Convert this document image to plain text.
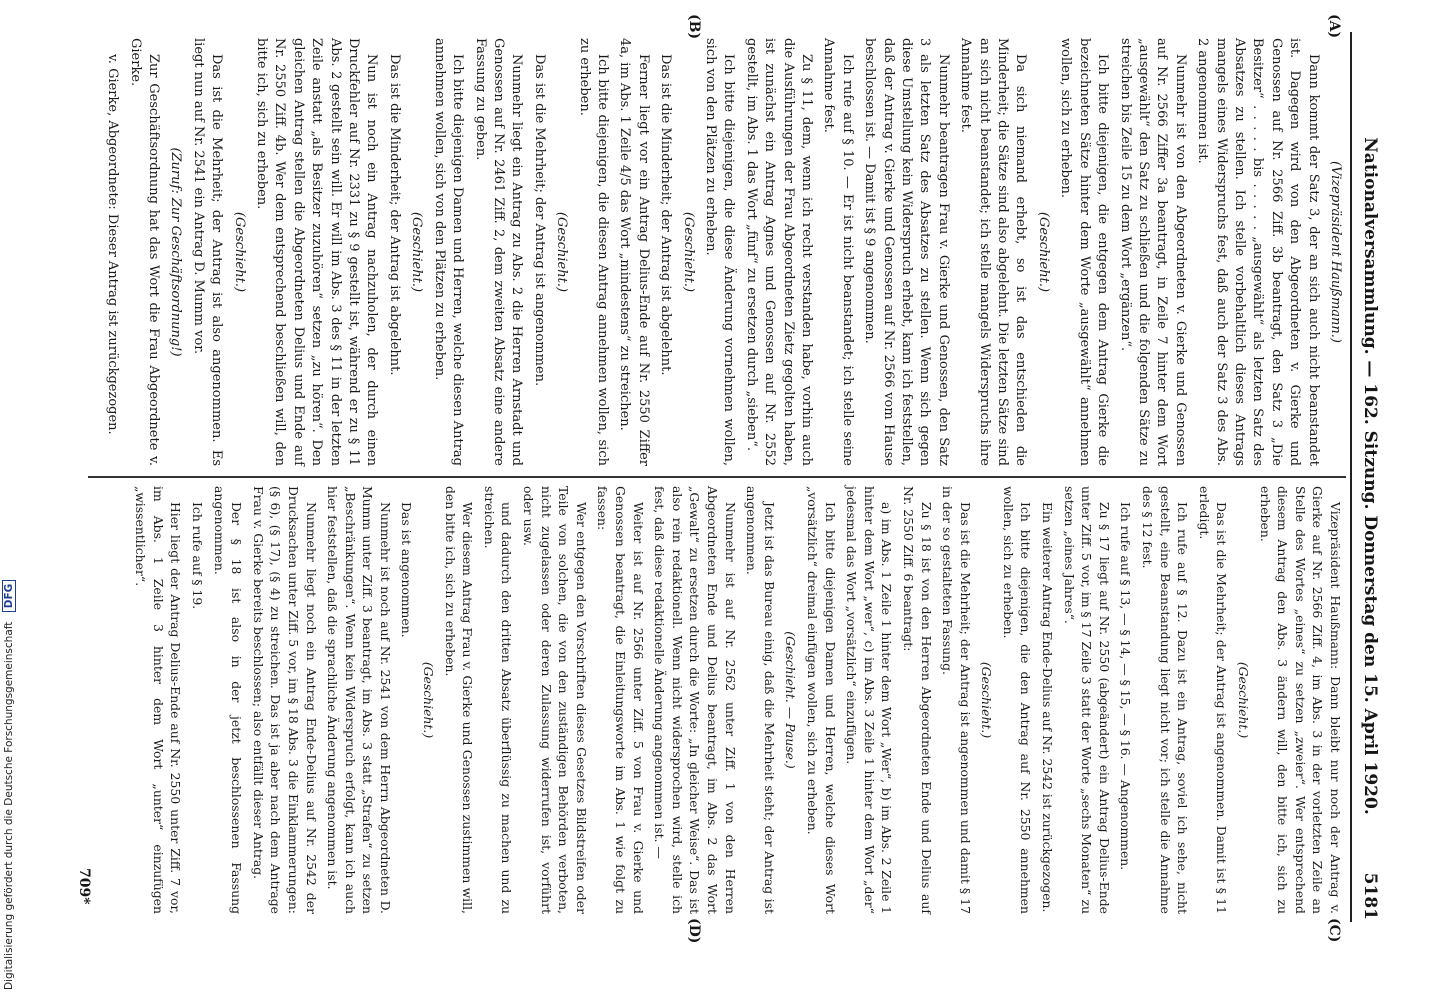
Nationalversammlung. — 162. Sitzung. Donnerstag den 15. April 1920.
5181
(A)
(B)
(C)
(D)

(Vizepräsident Haußmann.)

Dann kommt der Satz 3, der an sich auch nicht beanstandet ist. Dagegen wird von den Abgeordneten v. Gierke und Genossen auf Nr. 2566 Ziff. 3b beantragt, den Satz 3 „Die Besitzer“ . . . . . bis . . . . . „ausgewählt“ als letzten Satz des Absatzes zu stellen. Ich stelle vorbehaltlich dieses Antrags mangels eines Widerspruchs fest, daß auch der Satz 3 des Abs. 2 angenommen ist.

Nunmehr ist von den Abgeordneten v. Gierke und Genossen auf Nr. 2566 Ziffer 3a beantragt, in Zeile 7 hinter dem Wort „ausgewählt“ den Satz zu schließen und die folgenden Sätze zu streichen bis Zeile 15 zu dem Wort „ergänzen“.

Ich bitte diejenigen, die entgegen dem Antrag Gierke die bezeichneten Sätze hinter dem Worte „ausgewählt“ annehmen wollen, sich zu erheben.

(Geschieht.)

Da sich niemand erhebt, so ist das entschieden die Minderheit; die Sätze sind also abgelehnt. Die letzten Sätze sind an sich nicht beanstandet; ich stelle mangels Widerspruchs ihre Annahme fest.

Nunmehr beantragen Frau v. Gierke und Genossen, den Satz 3 als letzten Satz des Absatzes zu stellen. Wenn sich gegen diese Umstellung kein Widerspruch erhebt, kann ich feststellen, daß der Antrag v. Gierke und Genossen auf Nr. 2566 vom Hause beschlossen ist. — Damit ist § 9 angenommen.

Ich rufe auf § 10. — Er ist nicht beanstandet; ich stelle seine Annahme fest.

Zu § 11, dem, wenn ich recht verstanden habe, vorhin auch die Ausführungen der Frau Abgeordneten Zietz gegolten haben, ist zunächst ein Antrag Agnes und Genossen auf Nr. 2552 gestellt, im Abs. 1 das Wort „fünf“ zu ersetzen durch „sieben“.

Ich bitte diejenigen, die diese Änderung vornehmen wollen, sich von den Plätzen zu erheben.

(Geschieht.)

Das ist die Minderheit; der Antrag ist abgelehnt.

Ferner liegt vor ein Antrag Delius-Ende auf Nr. 2550 Ziffer 4a, im Abs. 1 Zeile 4/5 das Wort „mindestens“ zu streichen.

Ich bitte diejenigen, die diesen Antrag annehmen wollen, sich zu erheben.

(Geschieht.)

Das ist die Mehrheit; der Antrag ist angenommen.

Nunmehr liegt ein Antrag zu Abs. 2 die Herren Arnstadt und Genossen auf Nr. 2461 Ziff. 2, dem zweiten Absatz eine andere Fassung zu geben.

Ich bitte diejenigen Damen und Herren, welche diesen Antrag annehmen wollen, sich von den Plätzen zu erheben.

(Geschieht.)

Das ist die Minderheit; der Antrag ist abgelehnt.

Nun ist noch ein Antrag nachzuholen, der durch einen Druckfehler auf Nr. 2331 zu § 9 gestellt ist, während er zu § 11 Abs. 2 gestellt sein will. Er will im Abs. 3 des § 11 in der letzten Zeile anstatt „als Besitzer zuzuhören“ setzen „zu hören“. Den gleichen Antrag stellen die Abgeordneten Delius und Ende auf Nr. 2550 Ziff. 4b. Wer dem entsprechend beschließen will, den bitte ich, sich zu erheben.

(Geschieht.)

Das ist die Mehrheit; der Antrag ist also angenommen. Es liegt nun auf Nr. 2541 ein Antrag D. Mumm vor.

(Zuruf: Zur Geschäftsordnung!)

Zur Geschäftsordnung hat das Wort die Frau Abgeordnete v. Gierke.

v. Gierke, Abgeordnete: Dieser Antrag ist zurückgezogen.

Vizepräsident Haußmann: Dann bleibt nur noch der Antrag v. Gierke auf Nr. 2566 Ziff. 4, im Abs. 3 in der vorletzten Zeile an Stelle des Wortes „eines“ zu setzen „zweier“. Wer entsprechend diesem Antrag den Abs. 3 ändern will, den bitte ich, sich zu erheben.

(Geschieht.)

Das ist die Mehrheit; der Antrag ist angenommen. Damit ist § 11 erledigt.

Ich rufe auf § 12. Dazu ist ein Antrag, soviel ich sehe, nicht gestellt, eine Beanstandung liegt nicht vor; ich stelle die Annahme des § 12 fest.

Ich rufe auf § 13, — § 14, — § 15, — § 16. — Angenommen.

Zu § 17 liegt auf Nr. 2550 (abgeändert) ein Antrag Delius-Ende unter Ziff. 5 vor, im § 17 Zeile 3 statt der Worte „sechs Monaten“ zu setzen „eines Jahres“.

Ein weiterer Antrag Ende-Delius auf Nr. 2542 ist zurückgezogen.

Ich bitte diejenigen, die den Antrag auf Nr. 2550 annehmen wollen, sich zu erheben.

(Geschieht.)

Das ist die Mehrheit; der Antrag ist angenommen und damit § 17 in der so gestalteten Fassung.

Zu § 18 ist von den Herren Abgeordneten Ende und Delius auf Nr. 2550 Ziff. 6 beantragt:

a) im Abs. 1 Zeile 1 hinter dem Wort „Wer“, b) im Abs. 2 Zeile 1 hinter dem Wort „wer“, c) im Abs. 3 Zeile 1 hinter dem Wort „der“ jedesmal das Wort „vorsätzlich“ einzufügen.

Ich bitte diejenigen Damen und Herren, welche dieses Wort „vorsätzlich“ dreimal einfügen wollen, sich zu erheben.

(Geschieht. — Pause.)

Jetzt ist das Bureau einig, daß die Mehrheit steht; der Antrag ist angenommen.

Nunmehr ist auf Nr. 2562 unter Ziff. 1 von den Herren Abgeordneten Ende und Delius beantragt, im Abs. 2 das Wort „Gewalt“ zu ersetzen durch die Worte: „In gleicher Weise“. Das ist also rein redaktionell. Wenn nicht widersprochen wird, stelle ich fest, daß diese redaktionelle Änderung angenommen ist. —

Weiter ist auf Nr. 2566 unter Ziff. 5 von Frau v. Gierke und Genossen beantragt, die Einleitungsworte im Abs. 1 wie folgt zu fassen:

Wer entgegen den Vorschriften dieses Gesetzes Bildstreifen oder Teile von solchen, die von den zuständigen Behörden verboten, nicht zugelassen oder deren Zulassung widerrufen ist, vorführt oder usw.

und dadurch den dritten Absatz überflüssig zu machen und zu streichen.

Wer diesem Antrag Frau v. Gierke und Genossen zustimmen will, den bitte ich, sich zu erheben.

(Geschieht.)

Das ist angenommen.

Nunmehr ist noch auf Nr. 2541 von dem Herrn Abgeordneten D. Mumm unter Ziff. 3 beantragt, im Abs. 3 statt „Strafen“ zu setzen „Beschränkungen“. Wenn kein Widerspruch erfolgt, kann ich auch hier feststellen, daß die sprachliche Änderung angenommen ist.

Nunmehr liegt noch ein Antrag Ende-Delius auf Nr. 2542 der Drucksachen unter Ziff. 5 vor, im § 18 Abs. 3 die Einklammerungen: (§ 6), (§ 17), (§ 4) zu streichen. Das ist ja aber nach dem Antrage Frau v. Gierke bereits beschlossen; also entfällt dieser Antrag.

Der § 18 ist also in der jetzt beschlossenen Fassung angenommen.

Ich rufe auf § 19.

Hier liegt der Antrag Delius-Ende auf Nr. 2550 unter Ziff. 7 vor, im Abs. 1 Zeile 3 hinter dem Wort „unter“ einzufügen „wissentlicher“.

709*
Digitalisierung gefördert durch die Deutsche Forschungsgemeinschaft DFG
